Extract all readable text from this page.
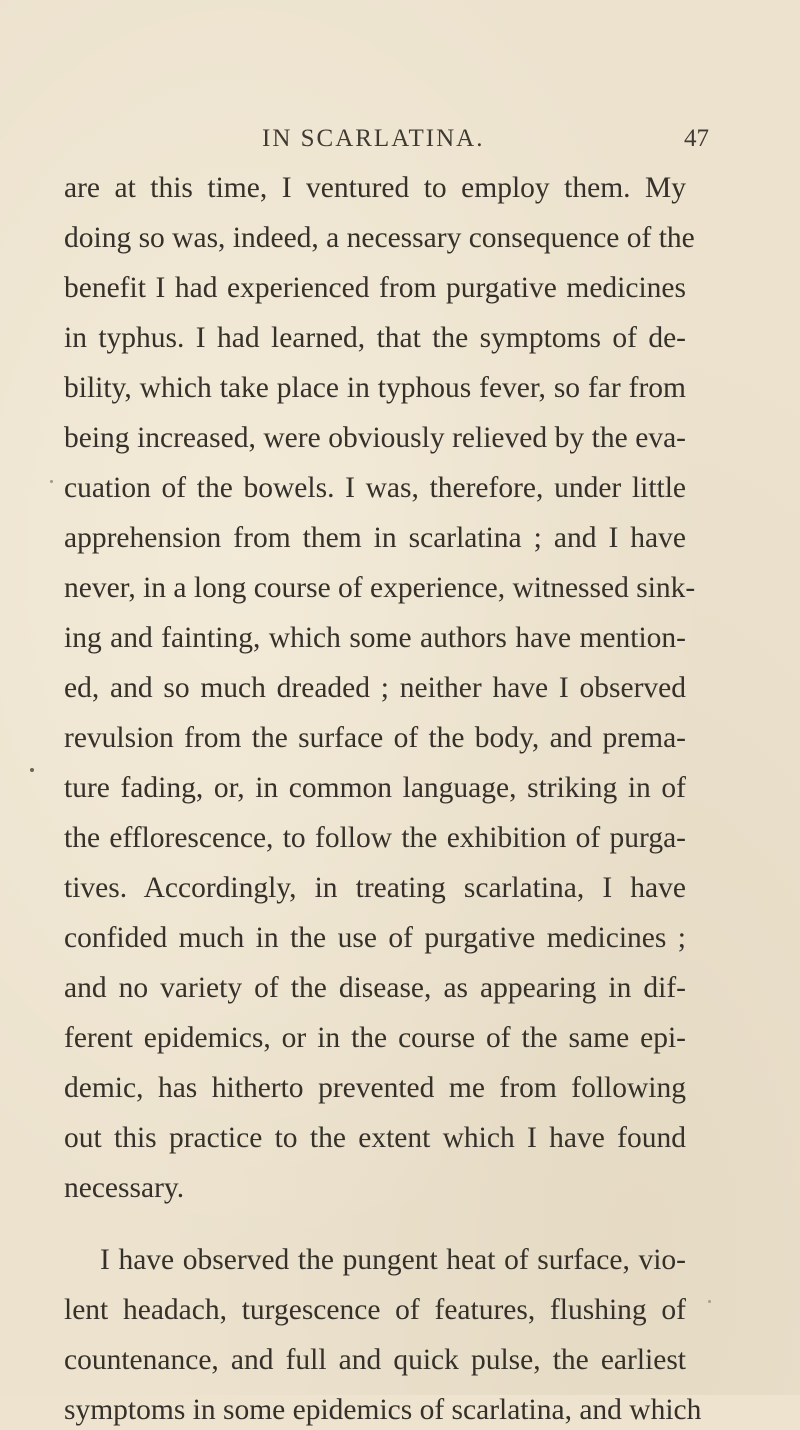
IN SCARLATINA.	47
are at this time, I ventured to employ them. My
doing so was, indeed, a necessary consequence of the
benefit I had experienced from purgative medicines
in typhus. I had learned, that the symptoms of de-
bility, which take place in typhous fever, so far from
being increased, were obviously relieved by the eva-
cuation of the bowels. I was, therefore, under little
apprehension from them in scarlatina ; and I have
never, in a long course of experience, witnessed sink-
ing and fainting, which some authors have mention-
ed, and so much dreaded ; neither have I observed
revulsion from the surface of the body, and prema-
ture fading, or, in common language, striking in of
the efflorescence, to follow the exhibition of purga-
tives. Accordingly, in treating scarlatina, I have
confided much in the use of purgative medicines ;
and no variety of the disease, as appearing in dif-
ferent epidemics, or in the course of the same epi-
demic, has hitherto prevented me from following
out this practice to the extent which I have found
necessary.
I have observed the pungent heat of surface, vio-
lent headach, turgescence of features, flushing of
countenance, and full and quick pulse, the earliest
symptoms in some epidemics of scarlatina, and which
